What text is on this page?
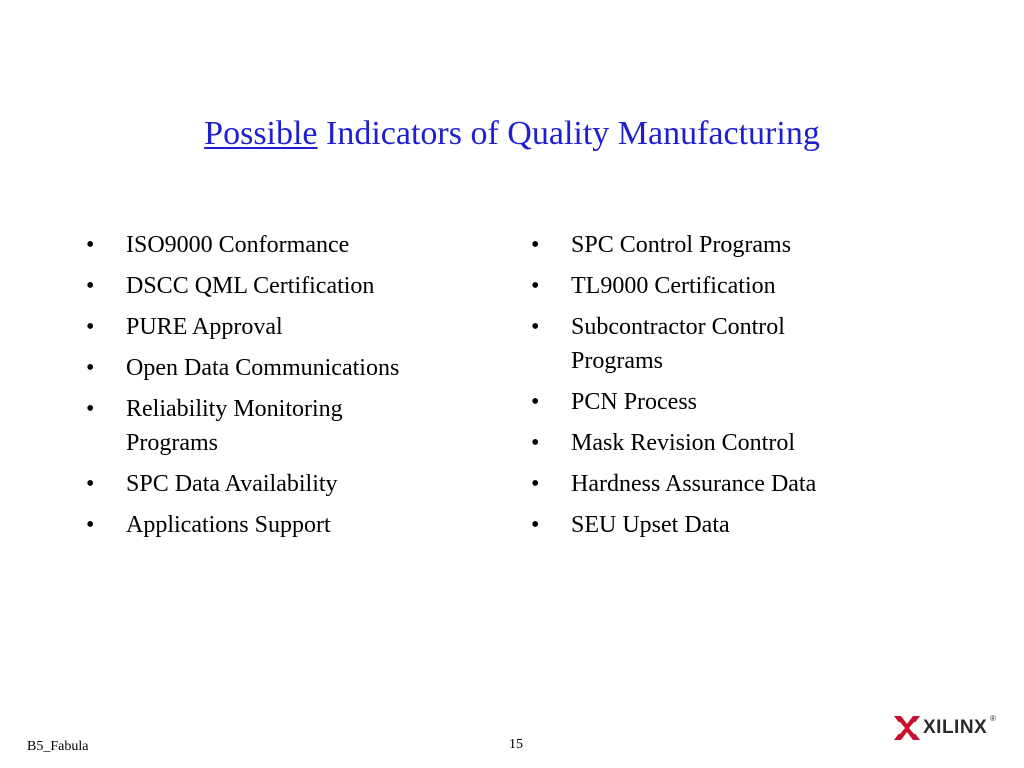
Possible Indicators of Quality Manufacturing
•	ISO9000 Conformance
•	DSCC QML Certification
•	PURE Approval
•	Open Data Communications
•	Reliability Monitoring Programs
•	SPC Data Availability
•	Applications Support
•	SPC Control Programs
•	TL9000 Certification
•	Subcontractor Control Programs
•	PCN Process
•	Mask Revision Control
•	Hardness Assurance Data
•	SEU Upset Data
B5_Fabula	15
XILINX ®
